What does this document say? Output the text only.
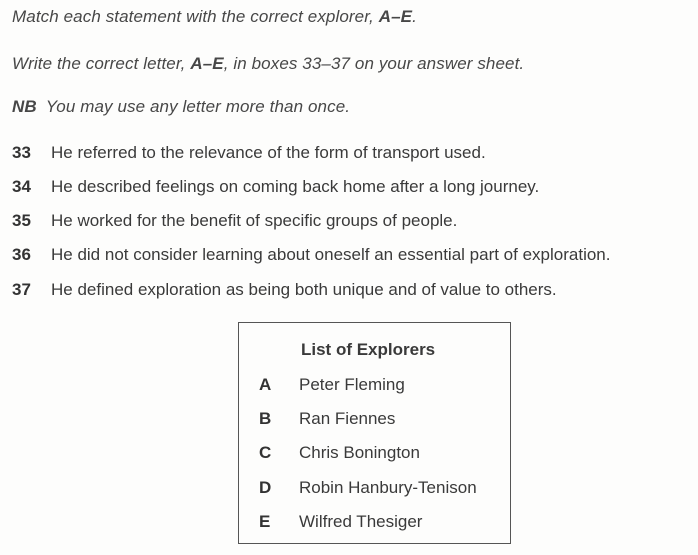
Match each statement with the correct explorer, A–E.
Write the correct letter, A–E, in boxes 33–37 on your answer sheet.
NB You may use any letter more than once.
33 He referred to the relevance of the form of transport used.
34 He described feelings on coming back home after a long journey.
35 He worked for the benefit of specific groups of people.
36 He did not consider learning about oneself an essential part of exploration.
37 He defined exploration as being both unique and of value to others.
List of Explorers
A Peter Fleming
B Ran Fiennes
C Chris Bonington
D Robin Hanbury-Tenison
E Wilfred Thesiger
